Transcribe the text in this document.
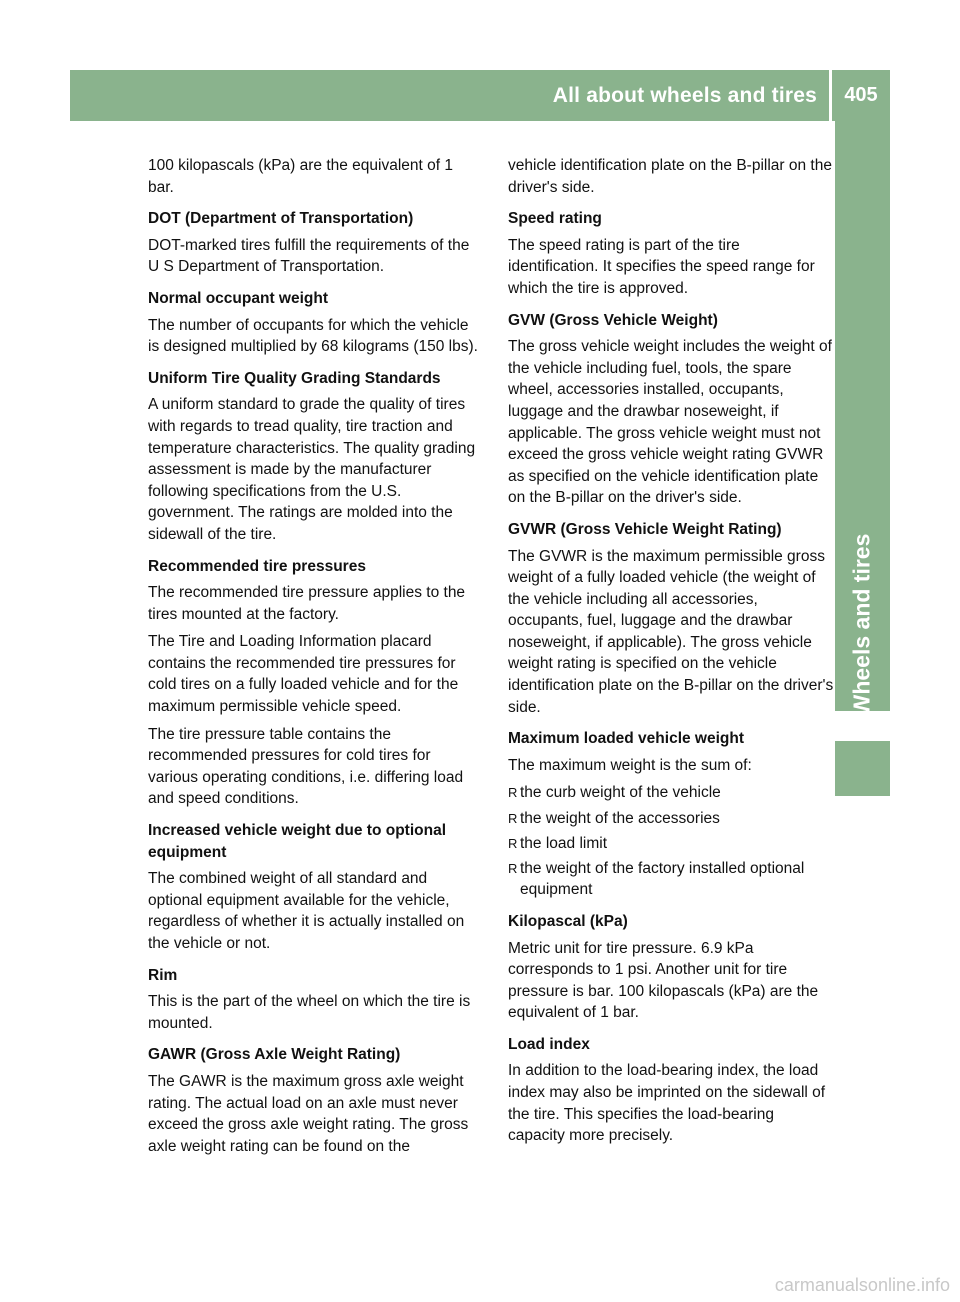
All about wheels and tires 405
Wheels and tires

100 kilopascals (kPa) are the equivalent of 1 bar.

DOT (Department of Transportation)

DOT-marked tires fulfill the requirements of the U S Department of Transportation.

Normal occupant weight

The number of occupants for which the vehicle is designed multiplied by 68 kilograms (150 lbs).

Uniform Tire Quality Grading Standards

A uniform standard to grade the quality of tires with regards to tread quality, tire traction and temperature characteristics. The quality grading assessment is made by the manufacturer following specifications from the U.S. government. The ratings are molded into the sidewall of the tire.

Recommended tire pressures

The recommended tire pressure applies to the tires mounted at the factory.

The Tire and Loading Information placard contains the recommended tire pressures for cold tires on a fully loaded vehicle and for the maximum permissible vehicle speed.

The tire pressure table contains the recommended pressures for cold tires for various operating conditions, i.e. differing load and speed conditions.

Increased vehicle weight due to optional equipment

The combined weight of all standard and optional equipment available for the vehicle, regardless of whether it is actually installed on the vehicle or not.

Rim

This is the part of the wheel on which the tire is mounted.

GAWR (Gross Axle Weight Rating)

The GAWR is the maximum gross axle weight rating. The actual load on an axle must never exceed the gross axle weight rating. The gross axle weight rating can be found on the

vehicle identification plate on the B-pillar on the driver's side.

Speed rating

The speed rating is part of the tire identification. It specifies the speed range for which the tire is approved.

GVW (Gross Vehicle Weight)

The gross vehicle weight includes the weight of the vehicle including fuel, tools, the spare wheel, accessories installed, occupants, luggage and the drawbar noseweight, if applicable. The gross vehicle weight must not exceed the gross vehicle weight rating GVWR as specified on the vehicle identification plate on the B-pillar on the driver's side.

GVWR (Gross Vehicle Weight Rating)

The GVWR is the maximum permissible gross weight of a fully loaded vehicle (the weight of the vehicle including all accessories, occupants, fuel, luggage and the drawbar noseweight, if applicable). The gross vehicle weight rating is specified on the vehicle identification plate on the B-pillar on the driver's side.

Maximum loaded vehicle weight

The maximum weight is the sum of:

R the curb weight of the vehicle
R the weight of the accessories
R the load limit
R the weight of the factory installed optional equipment
Kilopascal (kPa)

Metric unit for tire pressure. 6.9 kPa corresponds to 1 psi. Another unit for tire pressure is bar. 100 kilopascals (kPa) are the equivalent of 1 bar.

Load index

In addition to the load-bearing index, the load index may also be imprinted on the sidewall of the tire. This specifies the load-bearing capacity more precisely.

carmanualsonline.info
